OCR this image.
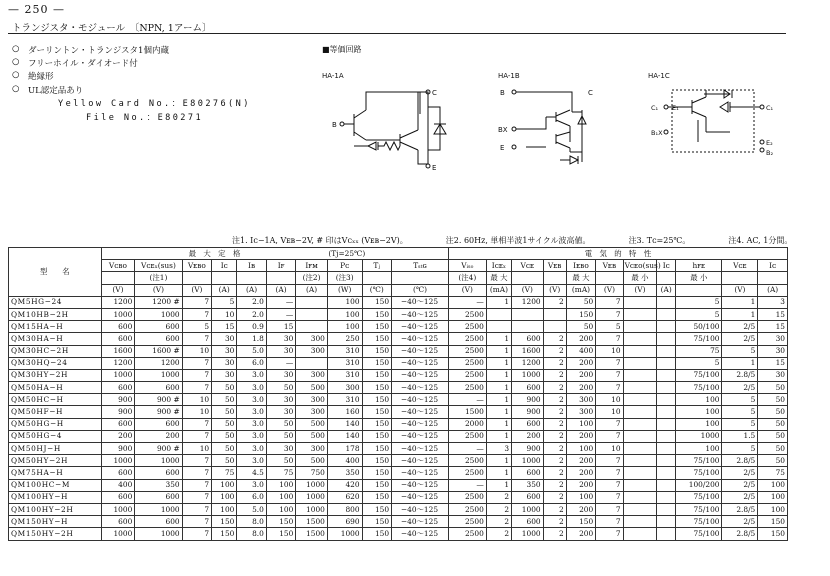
— 250 —
トランジスタ・モジュール　〔NPN, 1アーム〕
○ ダーリントン・トランジスタ1個内蔵
○ フリーホイル・ダイオード付
○ 絶縁形
○ UL認定品あり
Yellow Card No.：E80276(N)
File No.：E80271
■等価回路
HA-1A
B
C
E
HA-1B
B
BX
C
E
HA-1C
C₁ E₁
B₁X
C₁
E₂
B₂
注1. Iᴄ−1A, Vᴇʙ−2V, # 印はVᴄₓₓ (Vᴇʙ−2V)。	注2. 60Hz, 単相半波1サイクル波高値。	注3. Tᴄ=25℃。	注4. AC, 1分間。
型　　名	最　大　定　格							(Tj=25℃)			電　気　的　特　性										
	Vᴄʙᴏ	Vᴄᴇₓ(sus)	Vᴇʙᴏ	Iᴄ	Iʙ	Iꜰ	Iꜰᴍ	Pᴄ	Tⱼ	Tₛₜɢ	Vᵢₛₒ	Iᴄᴇₓ	Vᴄᴇ	Vᴇʙ	Iᴇʙᴏ	Vᴇʙ	Vᴄᴇᴏ(sus)	Iᴄ	hꜰᴇ	Vᴄᴇ	Iᴄ
		(注1)					(注2)	(注3)			(注4)	最 大			最 大		最 小		最 小		
	(V)	(V)	(V)	(A)	(A)	(A)	(A)	(W)	(℃)	(℃)	(V)	(mA)	(V)	(V)	(mA)	(V)	(V)	(A)		(V)	(A)
QM5HG−24	1200	1200 #	7	5	2.0	—		100	150	−40〜125	—	1	1200	2	50	7			5	1	3
QM10HB−2H	1000	1000	7	10	2.0	—		100	150	−40〜125	2500				150	7			5	1	15
QM15HA−H	600	600	5	15	0.9	15		100	150	−40〜125	2500				50	5			50/100	2/5	15
QM30HA−H	600	600	7	30	1.8	30	300	250	150	−40〜125	2500	1	600	2	200	7			75/100	2/5	30
QM30HC−2H	1600	1600 #	10	30	5.0	30	300	310	150	−40〜125	2500	1	1600	2	400	10			75	5	30
QM30HQ−24	1200	1200	7	30	6.0	—		310	150	−40〜125	2500	1	1200	2	200	7			5	1	15
QM30HY−2H	1000	1000	7	30	3.0	30	300	310	150	−40〜125	2500	1	1000	2	200	7			75/100	2.8/5	30
QM50HA−H	600	600	7	50	3.0	50	500	300	150	−40〜125	2500	1	600	2	200	7			75/100	2/5	50
QM50HC−H	900	900 #	10	50	3.0	30	300	310	150	−40〜125	—	1	900	2	300	10			100	5	50
QM50HF−H	900	900 #	10	50	3.0	30	300	160	150	−40〜125	1500	1	900	2	300	10			100	5	50
QM50HG−H	600	600	7	50	3.0	50	500	140	150	−40〜125	2000	1	600	2	100	7			100	5	50
QM50HG−4	200	200	7	50	3.0	50	500	140	150	−40〜125	2500	1	200	2	200	7			1000	1.5	50
QM50HJ−H	900	900 #	10	50	3.0	30	300	178	150	−40〜125	—	3	900	2	100	10			100	5	50
QM50HY−2H	1000	1000	7	50	3.0	50	500	400	150	−40〜125	2500	1	1000	2	200	7			75/100	2.8/5	50
QM75HA−H	600	600	7	75	4.5	75	750	350	150	−40〜125	2500	1	600	2	200	7			75/100	2/5	75
QM100HC−M	400	350	7	100	3.0	100	1000	420	150	−40〜125	—	1	350	2	200	7			100/200	2/5	100
QM100HY−H	600	600	7	100	6.0	100	1000	620	150	−40〜125	2500	2	600	2	100	7			75/100	2/5	100
QM100HY−2H	1000	1000	7	100	5.0	100	1000	800	150	−40〜125	2500	2	1000	2	200	7			75/100	2.8/5	100
QM150HY−H	600	600	7	150	8.0	150	1500	690	150	−40〜125	2500	2	600	2	150	7			75/100	2/5	150
QM150HY−2H	1000	1000	7	150	8.0	150	1500	1000	150	−40〜125	2500	2	1000	2	200	7			75/100	2.8/5	150
